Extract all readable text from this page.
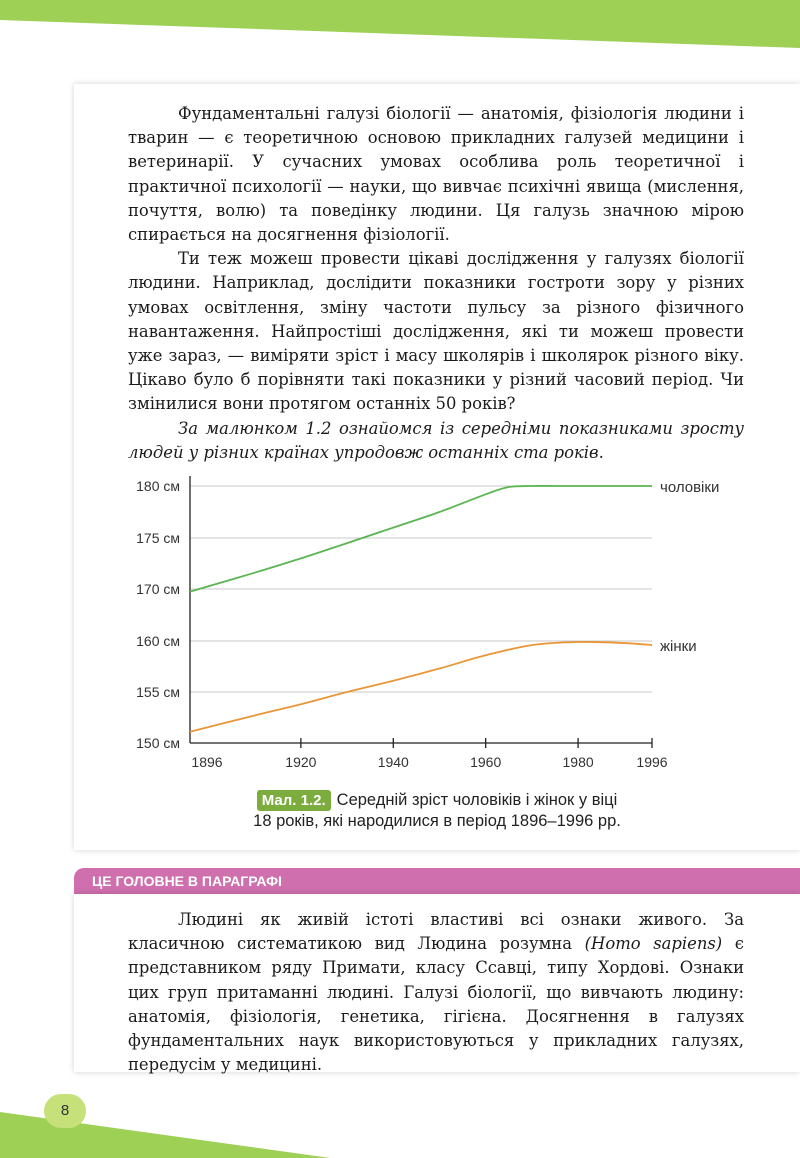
Фундаментальні галузі біології — анатомія, фізіологія людини і тварин — є теоретичною основою прикладних галузей медицини і ветеринарії. У сучасних умовах особлива роль теоретичної і практичної психології — науки, що вивчає психічні явища (мислення, почуття, волю) та поведінку людини. Ця галузь значною мірою спирається на досягнення фізіології.

Ти теж можеш провести цікаві дослідження у галузях біології людини. Наприклад, дослідити показники гостроти зору у різних умовах освітлення, зміну частоти пульсу за різного фізичного навантаження. Найпростіші дослідження, які ти можеш провести уже зараз, — виміряти зріст і масу школярів і школярок різного віку. Цікаво було б порівняти такі показники у різний часовий період. Чи змінилися вони протягом останніх 50 років?

За малюнком 1.2 ознайомся із середніми показниками зросту людей у різних країнах упродовж останніх ста років.

150 см
155 см
160 см
170 см
175 см
180 см
1896	1920	1940	1960	1980	1996
чоловіки
жінки
Мал. 1.2. Середній зріст чоловіків і жінок у віці
18 років, які народилися в період 1896–1996 рр.
ЦЕ ГОЛОВНЕ В ПАРАГРАФІ

Людині як живій істоті властиві всі ознаки живого. За класичною систематикою вид Людина розумна (Homo sapiens) є представником ряду Примати, класу Ссавці, типу Хордові. Ознаки цих груп притаманні людині. Галузі біології, що вивчають людину: анатомія, фізіологія, генетика, гігієна. Досягнення в галузях фундаментальних наук використовуються у прикладних галузях, передусім у медицині.

8
